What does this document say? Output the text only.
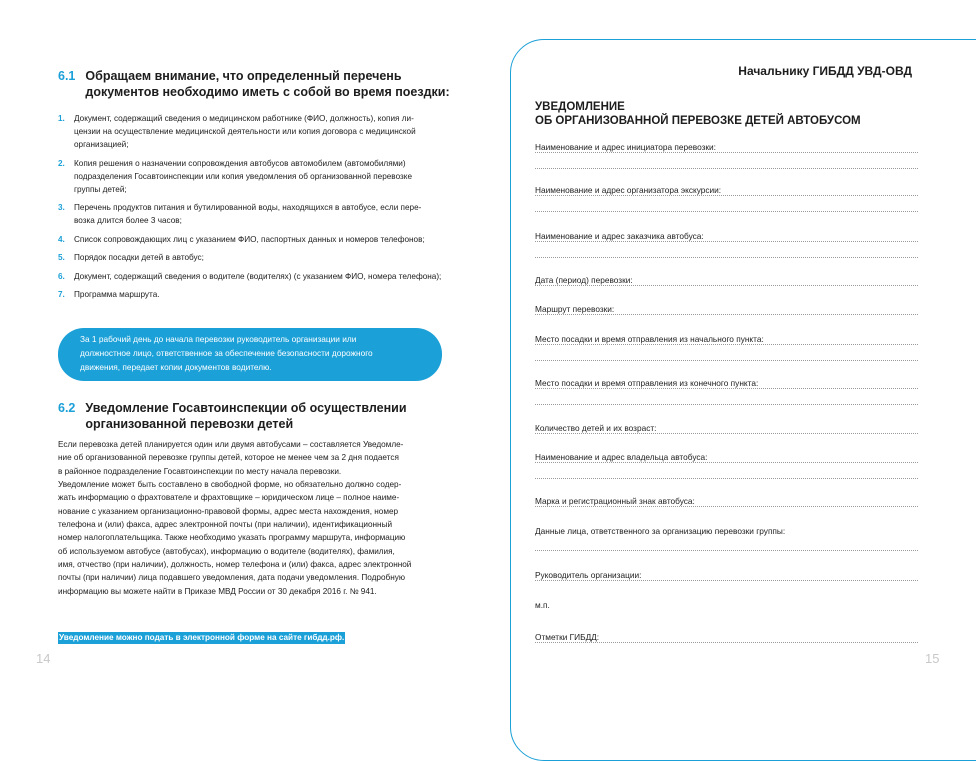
6.1 Обращаем внимание, что определенный перечень
документов необходимо иметь с собой во время поездки:
1. Документ, содержащий сведения о медицинском работнике (ФИО, должность), копия ли-
цензии на осуществление медицинской деятельности или копия договора с медицинской
организацией;
2. Копия решения о назначении сопровождения автобусов автомобилем (автомобилями)
подразделения Госавтоинспекции или копия уведомления об организованной перевозке
группы детей;
3. Перечень продуктов питания и бутилированной воды, находящихся в автобусе, если пере-
возка длится более 3 часов;
4. Список сопровождающих лиц с указанием ФИО, паспортных данных и номеров телефонов;
5. Порядок посадки детей в автобус;
6. Документ, содержащий сведения о водителе (водителях) (с указанием ФИО, номера телефона);
7. Программа маршрута.
За 1 рабочий день до начала перевозки руководитель организации или
должностное лицо, ответственное за обеспечение безопасности дорожного
движения, передает копии документов водителю.
6.2 Уведомление Госавтоинспекции об осуществлении
организованной перевозки детей
Если перевозка детей планируется один или двумя автобусами – составляется Уведомле-
ние об организованной перевозке группы детей, которое не менее чем за 2 дня подается
в районное подразделение Госавтоинспекции по месту начала перевозки.
Уведомление может быть составлено в свободной форме, но обязательно должно содер-
жать информацию о фрахтователе и фрахтовщике – юридическом лице – полное наиме-
нование с указанием организационно-правовой формы, адрес места нахождения, номер
телефона и (или) факса, адрес электронной почты (при наличии), идентификационный
номер налогоплательщика. Также необходимо указать программу маршрута, информацию
об используемом автобусе (автобусах), информацию о водителе (водителях), фамилия,
имя, отчество (при наличии), должность, номер телефона и (или) факса, адрес электронной
почты (при наличии) лица подавшего уведомления, дата подачи уведомления. Подробную
информацию вы можете найти в Приказе МВД России от 30 декабря 2016 г. № 941.
Уведомление можно подать в электронной форме на сайте гибдд.рф.
14
Начальнику ГИБДД УВД-ОВД
УВЕДОМЛЕНИЕ
ОБ ОРГАНИЗОВАННОЙ ПЕРЕВОЗКЕ ДЕТЕЙ АВТОБУСОМ
Наименование и адрес инициатора перевозки:
Наименование и адрес организатора экскурсии:
Наименование и адрес заказчика автобуса:
Дата (период) перевозки:
Маршрут перевозки:
Место посадки и время отправления из начального пункта:
Место посадки и время отправления из конечного пункта:
Количество детей и их возраст:
Наименование и адрес владельца автобуса:
Марка и регистрационный знак автобуса:
Данные лица, ответственного за организацию перевозки группы:
Руководитель организации:
м.п.
Отметки ГИБДД:
15
